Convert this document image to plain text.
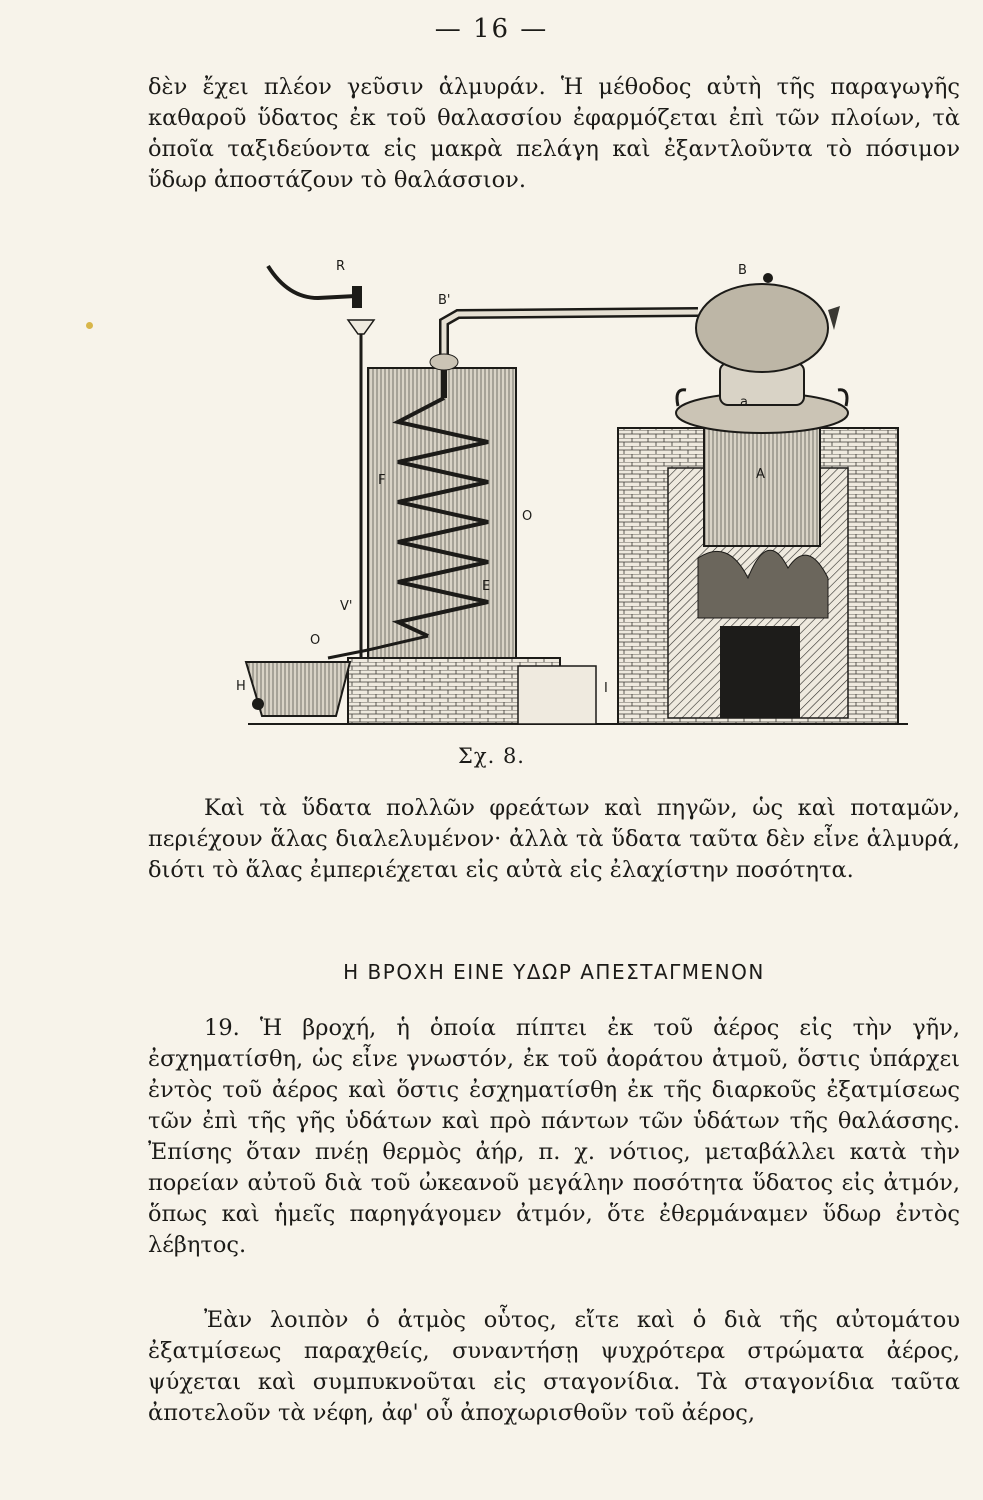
— 16 —

δὲν ἔχει πλέον γεῦσιν ἁλμυράν. Ἡ μέθοδος αὐτὴ τῆς παραγωγῆς καθαροῦ ὕδατος ἐκ τοῦ θαλασσίου ἐφαρμόζεται ἐπὶ τῶν πλοίων, τὰ ὁποῖα ταξιδεύοντα εἰς μακρὰ πελάγη καὶ ἐξαντλοῦντα τὸ πόσιμον ὕδωρ ἀποστάζουν τὸ θαλάσσιον.

R	B
B'
a
A
O
V'
E
O
H	I
F
Σχ. 8.

Καὶ τὰ ὕδατα πολλῶν φρεάτων καὶ πηγῶν, ὡς καὶ ποταμῶν, περιέχουν ἅλας διαλελυμένον· ἀλλὰ τὰ ὕδατα ταῦτα δὲν εἶνε ἁλμυρά, διότι τὸ ἅλας ἐμπεριέχεται εἰς αὐτὰ εἰς ἐλαχίστην ποσότητα.

Η ΒΡΟΧΗ ΕΙΝΕ ΥΔΩΡ ΑΠΕΣΤΑΓΜΕΝΟΝ

19. Ἡ βροχή, ἡ ὁποία πίπτει ἐκ τοῦ ἀέρος εἰς τὴν γῆν, ἐσχηματίσθη, ὡς εἶνε γνωστόν, ἐκ τοῦ ἀοράτου ἀτμοῦ, ὅστις ὑπάρχει ἐντὸς τοῦ ἀέρος καὶ ὅστις ἐσχηματίσθη ἐκ τῆς διαρκοῦς ἐξατμίσεως τῶν ἐπὶ τῆς γῆς ὑδάτων καὶ πρὸ πάντων τῶν ὑδάτων τῆς θαλάσσης. Ἐπίσης ὅταν πνέῃ θερμὸς ἀήρ, π. χ. νότιος, μεταβάλλει κατὰ τὴν πορείαν αὐτοῦ διὰ τοῦ ὠκεανοῦ μεγάλην ποσότητα ὕδατος εἰς ἀτμόν, ὅπως καὶ ἡμεῖς παρηγάγομεν ἀτμόν, ὅτε ἐθερμάναμεν ὕδωρ ἐντὸς λέβητος.

Ἐὰν λοιπὸν ὁ ἀτμὸς οὗτος, εἴτε καὶ ὁ διὰ τῆς αὐτομάτου ἐξατμίσεως παραχθείς, συναντήσῃ ψυχρότερα στρώματα ἀέρος, ψύχεται καὶ συμπυκνοῦται εἰς σταγονίδια. Τὰ σταγονίδια ταῦτα ἀποτελοῦν τὰ νέφη, ἀφ' οὗ ἀποχωρισθοῦν τοῦ ἀέρος,
